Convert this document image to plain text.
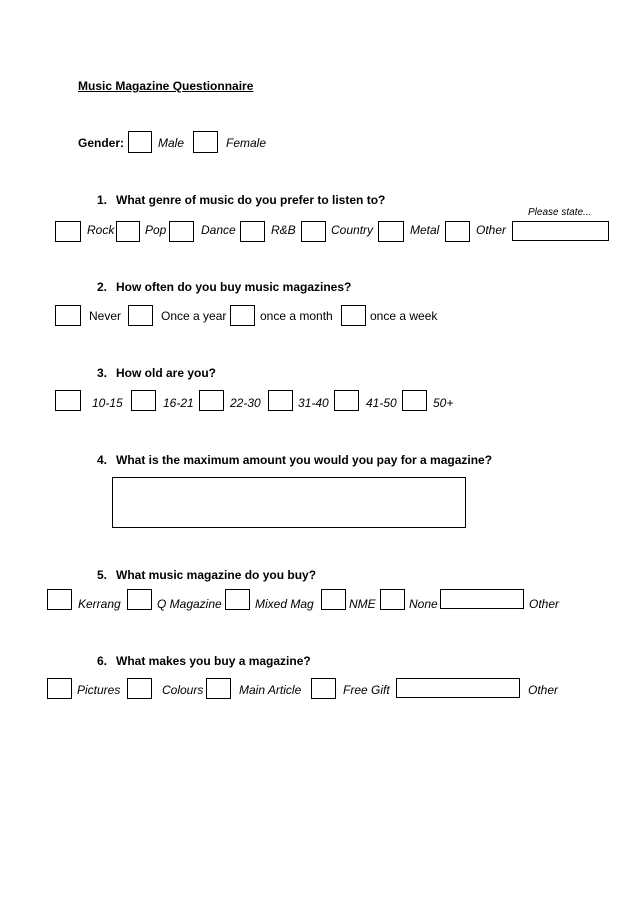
Music Magazine Questionnaire
Gender:	Male	Female
1. What genre of music do you prefer to listen to?
Please state...
Rock	Pop	Dance	R&B	Country	Metal	Other
2. How often do you buy music magazines?
Never	Once a year	once a month	once a week
3. How old are you?
10-15	16-21	22-30	31-40	41-50	50+
4. What is the maximum amount you would you pay for a magazine?
5. What music magazine do you buy?
Kerrang	Q Magazine	Mixed Mag	NME	None	Other
6. What makes you buy a magazine?
Pictures	Colours	Main Article	Free Gift	Other
